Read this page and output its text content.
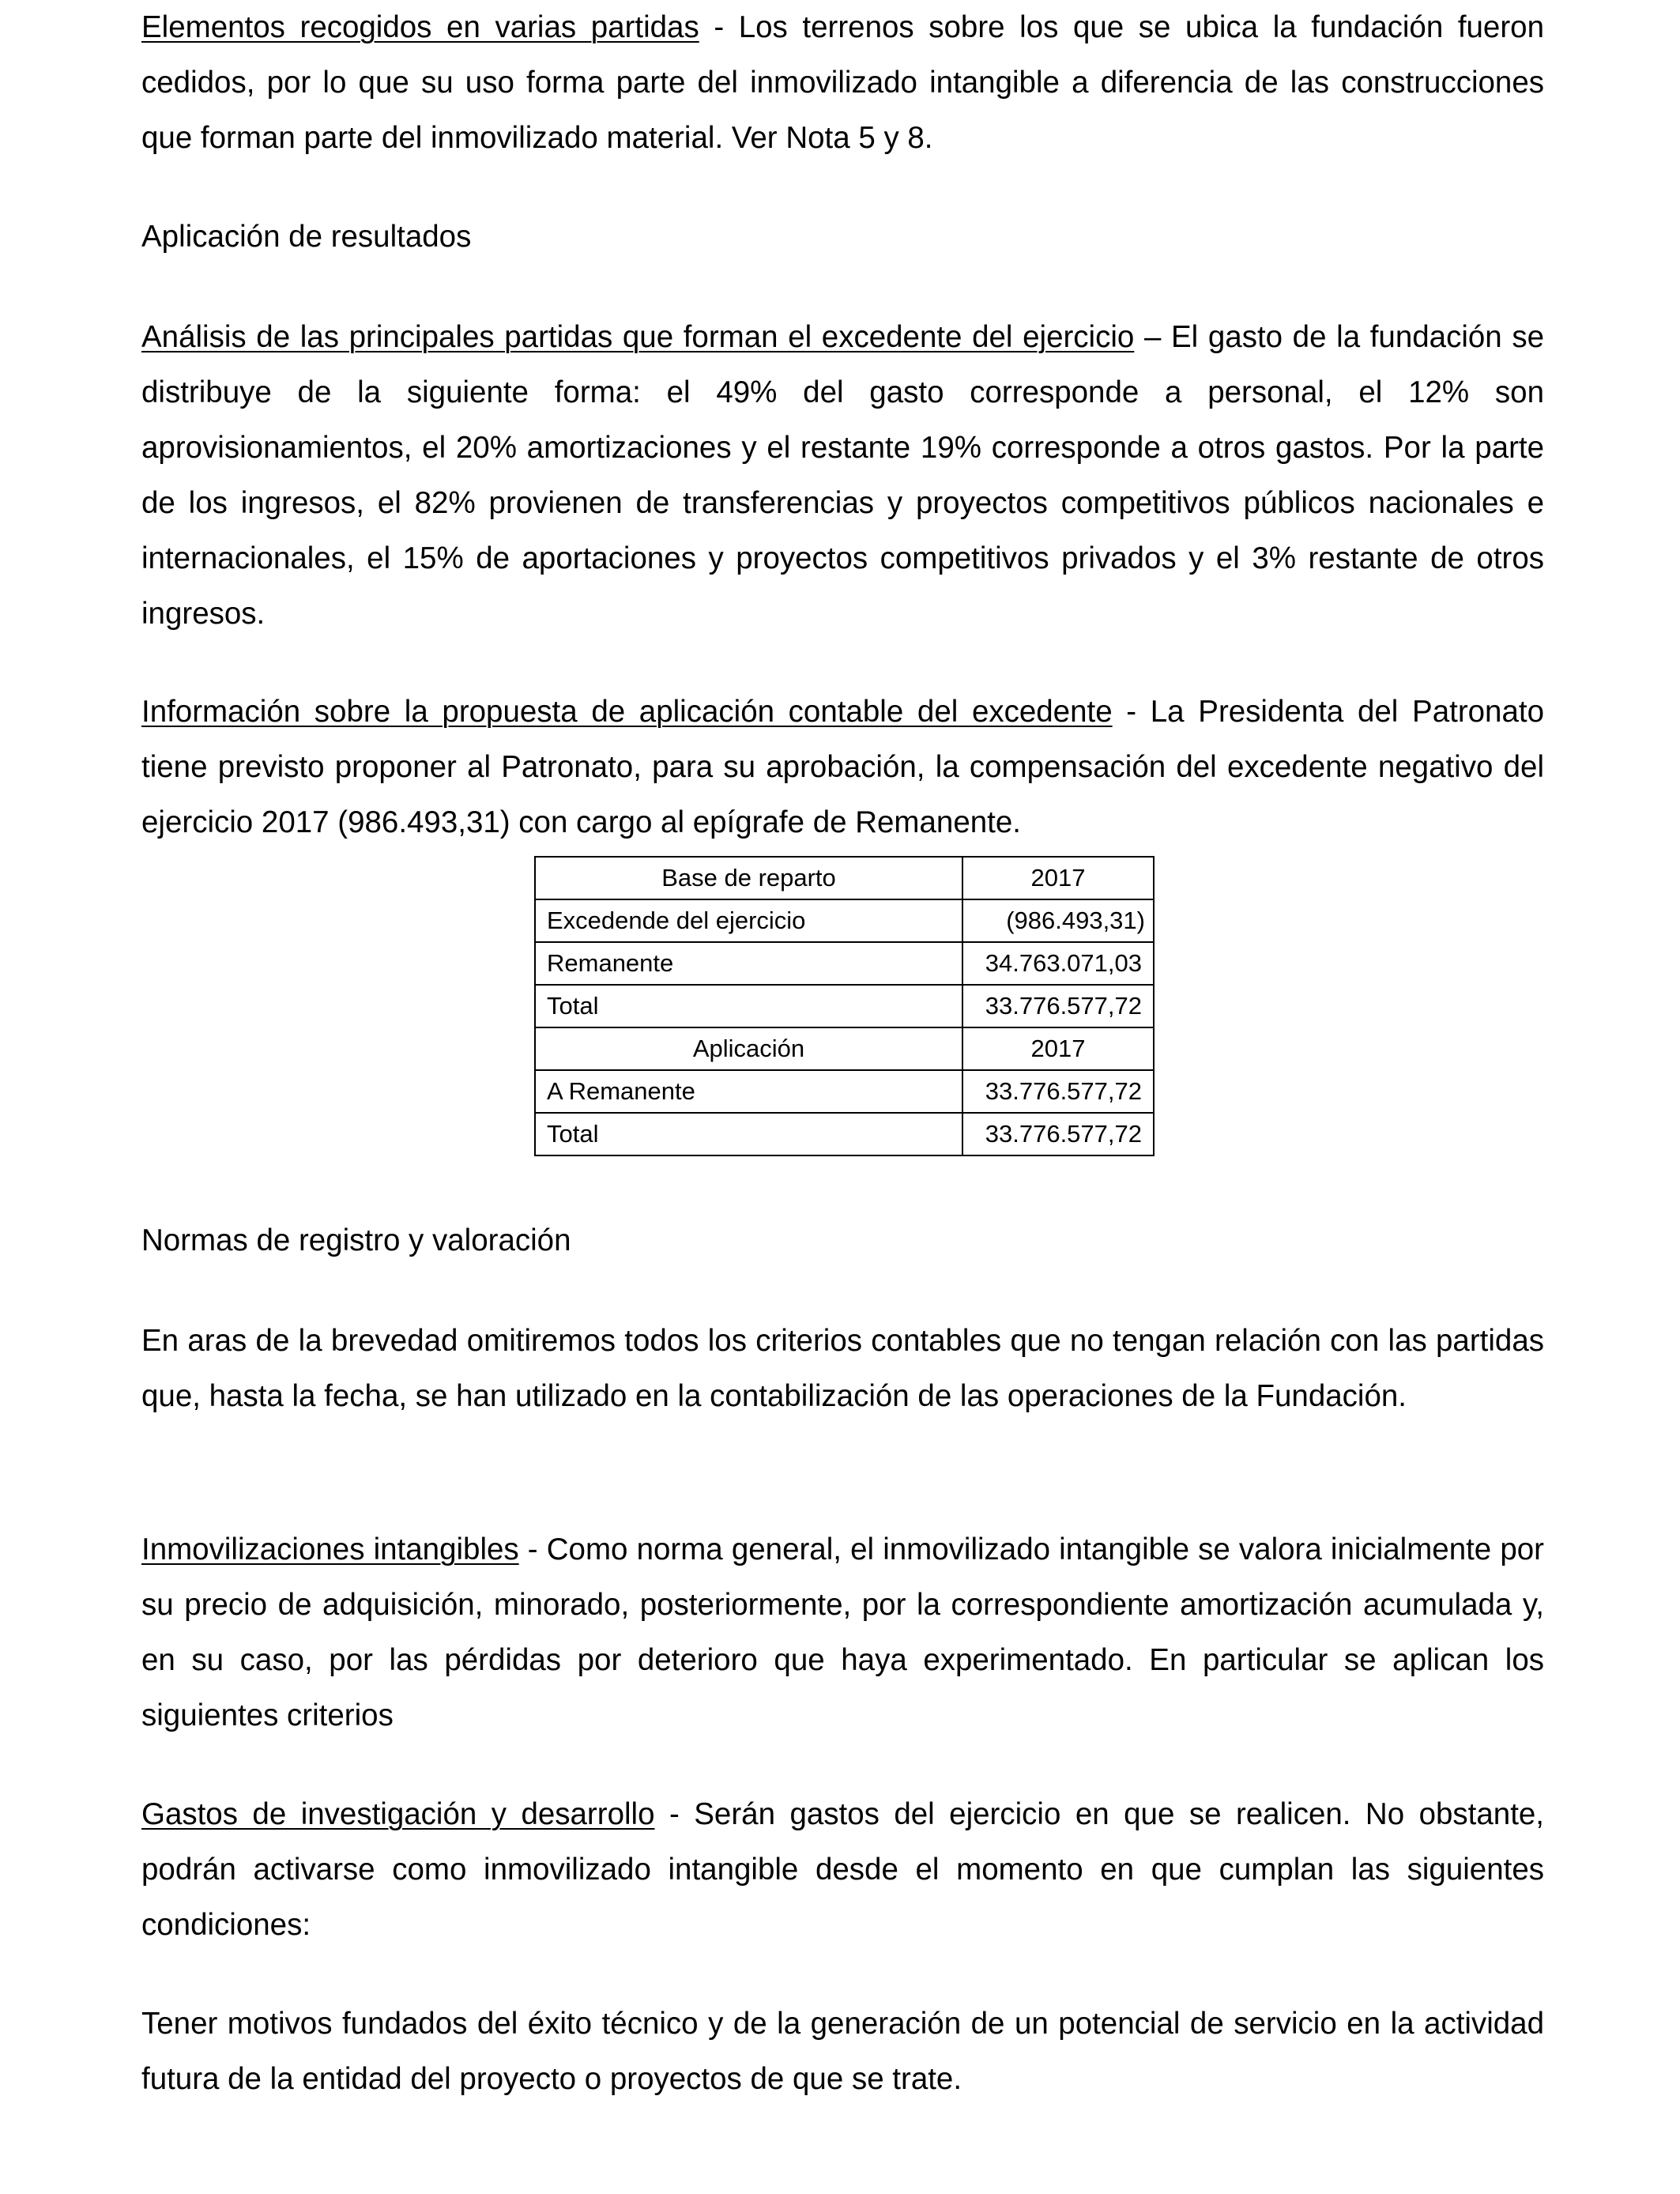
Elementos recogidos en varias partidas - Los terrenos sobre los que se ubica la fundación fueron cedidos, por lo que su uso forma parte del inmovilizado intangible a diferencia de las construcciones que forman parte del inmovilizado material. Ver Nota 5 y 8.

Aplicación de resultados

Análisis de las principales partidas que forman el excedente del ejercicio – El gasto de la fundación se distribuye de la siguiente forma: el 49% del gasto corresponde a personal, el 12% son aprovisionamientos, el 20% amortizaciones y el restante 19% corresponde a otros gastos. Por la parte de los ingresos, el 82% provienen de transferencias y proyectos competitivos públicos nacionales e internacionales, el 15% de aportaciones y proyectos competitivos privados y el 3% restante de otros ingresos.

Información sobre la propuesta de aplicación contable del excedente - La Presidenta del Patronato tiene previsto proponer al Patronato, para su aprobación, la compensación del excedente negativo del ejercicio 2017 (986.493,31) con cargo al epígrafe de Remanente.

Normas de registro y valoración

En aras de la brevedad omitiremos todos los criterios contables que no tengan relación con las partidas que, hasta la fecha, se han utilizado en la contabilización de las operaciones de la Fundación.

Inmovilizaciones intangibles - Como norma general, el inmovilizado intangible se valora inicialmente por su precio de adquisición, minorado, posteriormente, por la correspondiente amortización acumulada y, en su caso, por las pérdidas por deterioro que haya experimentado. En particular se aplican los siguientes criterios

Gastos de investigación y desarrollo - Serán gastos del ejercicio en que se realicen. No obstante, podrán activarse como inmovilizado intangible desde el momento en que cumplan las siguientes condiciones:

Tener motivos fundados del éxito técnico y de la generación de un potencial de servicio en la actividad futura de la entidad del proyecto o proyectos de que se trate.

Base de reparto	2017
Excedende del ejercicio	(986.493,31)
Remanente	34.763.071,03
Total	33.776.577,72
Aplicación	2017
A Remanente	33.776.577,72
Total	33.776.577,72
